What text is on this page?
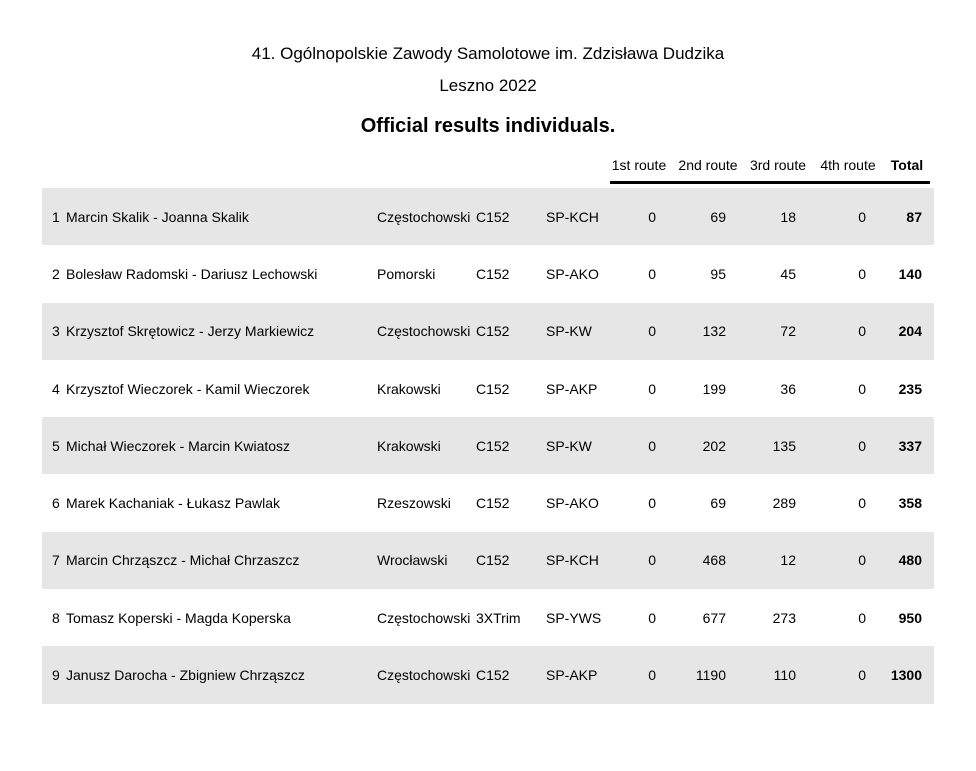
41. Ogólnopolskie Zawody Samolotowe im. Zdzisława Dudzika
Leszno 2022
Official results individuals.
1st route 2nd route 3rd route	4th route	Total
1 Marcin Skalik - Joanna Skalik	Częstochowski C152	SP-KCH	0	69	18	0	87
2 Bolesław Radomski - Dariusz Lechowski	Pomorski	C152	SP-AKO	0	95	45	0 140
3 Krzysztof Skrętowicz - Jerzy Markiewicz	Częstochowski C152	SP-KW	0	132	72	0 204
4 Krzysztof Wieczorek - Kamil Wieczorek	Krakowski	C152	SP-AKP	0	199	36	0 235
5 Michał Wieczorek - Marcin Kwiatosz	Krakowski	C152	SP-KW	0	202	135	0 337
6 Marek Kachaniak - Łukasz Pawlak	Rzeszowski C152	SP-AKO	0	69	289	0 358
7 Marcin Chrząszcz - Michał Chrzaszcz	Wrocławski C152	SP-KCH	0	468	12	0 480
8 Tomasz Koperski - Magda Koperska	Częstochowski 3XTrim SP-YWS	0	677	273	0 950
9 Janusz Darocha - Zbigniew Chrząszcz	Częstochowski C152	SP-AKP	0	1190	110	0 1300
